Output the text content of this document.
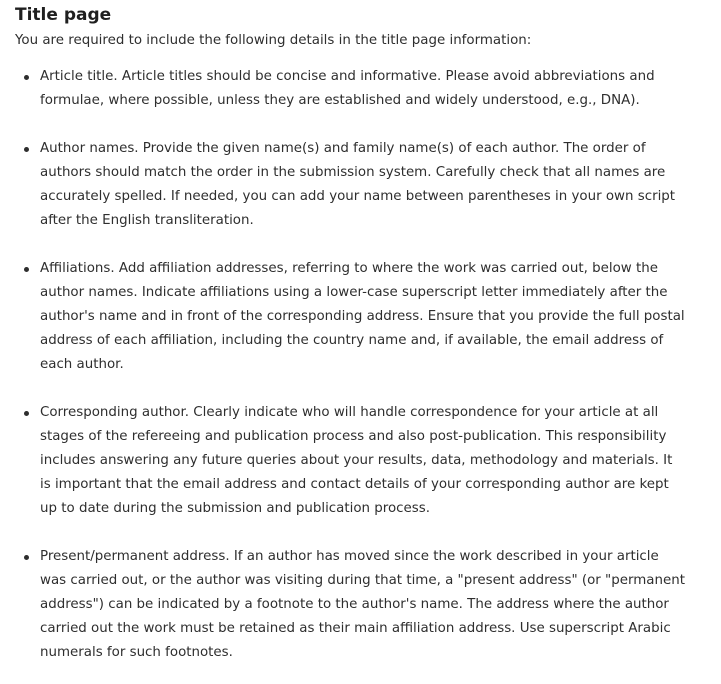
Title page
You are required to include the following details in the title page information:
Article title. Article titles should be concise and informative. Please avoid abbreviations and
formulae, where possible, unless they are established and widely understood, e.g., DNA).
Author names. Provide the given name(s) and family name(s) of each author. The order of
authors should match the order in the submission system. Carefully check that all names are
accurately spelled. If needed, you can add your name between parentheses in your own script
after the English transliteration.
Affiliations. Add affiliation addresses, referring to where the work was carried out, below the
author names. Indicate affiliations using a lower-case superscript letter immediately after the
author's name and in front of the corresponding address. Ensure that you provide the full postal
address of each affiliation, including the country name and, if available, the email address of
each author.
Corresponding author. Clearly indicate who will handle correspondence for your article at all
stages of the refereeing and publication process and also post-publication. This responsibility
includes answering any future queries about your results, data, methodology and materials. It
is important that the email address and contact details of your corresponding author are kept
up to date during the submission and publication process.
Present/permanent address. If an author has moved since the work described in your article
was carried out, or the author was visiting during that time, a "present address" (or "permanent
address") can be indicated by a footnote to the author's name. The address where the author
carried out the work must be retained as their main affiliation address. Use superscript Arabic
numerals for such footnotes.
